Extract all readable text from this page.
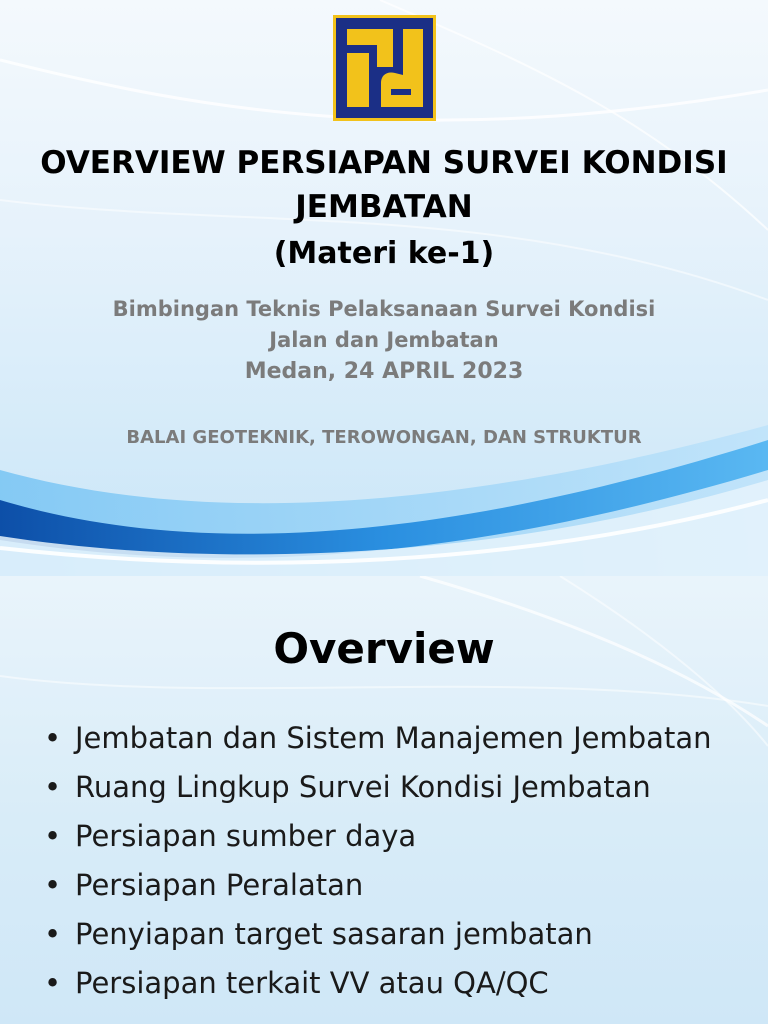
OVERVIEW PERSIAPAN SURVEI KONDISI
JEMBATAN
(Materi ke-1)
Bimbingan Teknis Pelaksanaan Survei Kondisi
Jalan dan Jembatan
Medan, 24 APRIL 2023
BALAI GEOTEKNIK, TEROWONGAN, DAN STRUKTUR
Overview
• Jembatan dan Sistem Manajemen Jembatan
• Ruang Lingkup Survei Kondisi Jembatan
• Persiapan sumber daya
• Persiapan Peralatan
• Penyiapan target sasaran jembatan
• Persiapan terkait VV atau QA/QC
